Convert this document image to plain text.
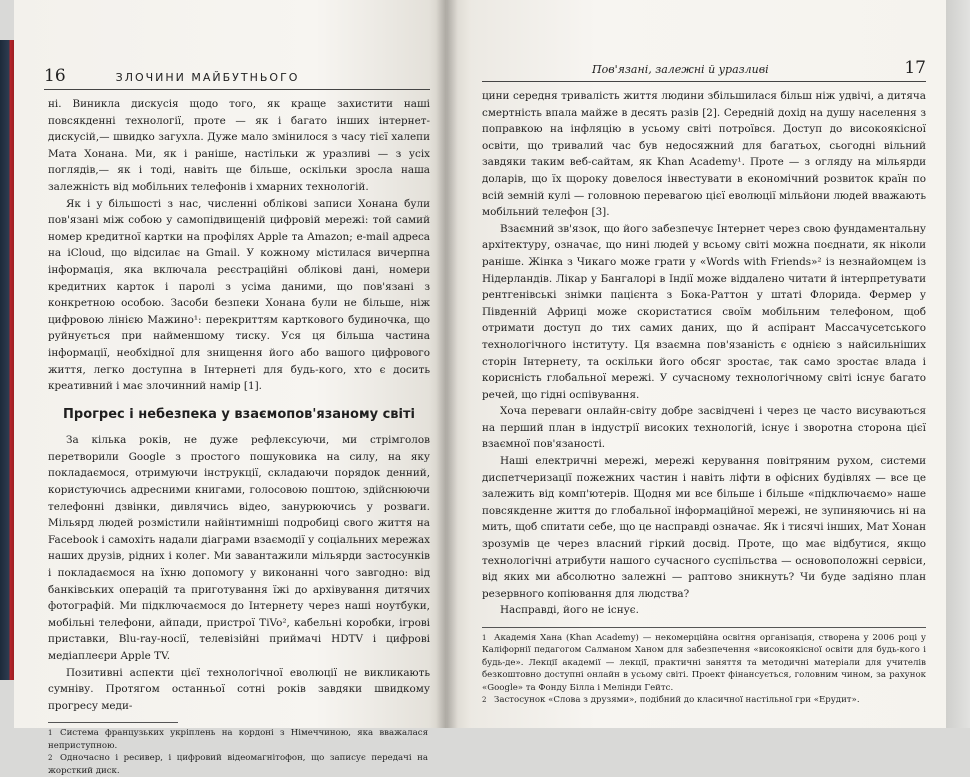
16	ЗЛОЧИНИ МАЙБУТНЬОГО

ні. Виникла дискусія щодо того, як краще захистити наші повсякденні технології, проте — як і багато інших інтернет-дискусій,— швидко загухла. Дуже мало змінилося з часу тієї халепи Мата Хонана. Ми, як і раніше, настільки ж уразливі — з усіх поглядів,— як і тоді, навіть ще більше, оскільки зросла наша залежність від мобільних телефонів і хмарних технологій.

Як і у більшості з нас, численні облікові записи Хонана були пов'язані між собою у самопідвищеній цифровій мережі: той самий номер кредитної картки на профілях Apple та Amazon; e-mail адреса на iCloud, що відсилає на Gmail. У кожному містилася вичерпна інформація, яка включала реєстраційні облікові дані, номери кредитних карток і паролі з усіма даними, що пов'язані з конкретною особою. Засоби безпеки Хонана були не більше, ніж цифровою лінією Мажино¹: перекриттям карткового будиночка, що руйнується при найменшому тиску. Уся ця більша частина інформації, необхідної для знищення його або вашого цифрового життя, легко доступна в Інтернеті для будь-кого, хто є досить креативний і має злочинний намір [1].

Прогрес і небезпека у взаємопов'язаному світі

За кілька років, не дуже рефлексуючи, ми стрімголов перетворили Google з простого пошуковика на силу, на яку покладаємося, отримуючи інструкції, складаючи порядок денний, користуючись адресними книгами, голосовою поштою, здійснюючи телефонні дзвінки, дивлячись відео, занурюючись у розваги. Мільярд людей розмістили найінтимніші подробиці свого життя на Facebook і самохіть надали діаграми взаємодії у соціальних мережах наших друзів, рідних і колег. Ми завантажили мільярди застосунків і покладаємося на їхню допомогу у виконанні чого завгодно: від банківських операцій та приготування їжі до архівування дитячих фотографій. Ми підключаємося до Інтернету через наші ноутбуки, мобільні телефони, айпади, пристрої TiVo², кабельні коробки, ігрові приставки, Blu-ray-носії, телевізійні приймачі HDTV і цифрові медіаплеєри Apple TV.

Позитивні аспекти цієї технологічної еволюції не викликають сумніву. Протягом останньої сотні років завдяки швидкому прогресу меди-

1 Система французьких укріплень на кордоні з Німеччиною, яка вважалася неприступною.

2 Одночасно і ресивер, і цифровий відеомагнітофон, що записує передачі на жорсткий диск.

Пов'язані, залежні й уразливі	17

цини середня тривалість життя людини збільшилася більш ніж удвічі, а дитяча смертність впала майже в десять разів [2]. Середній дохід на душу населення з поправкою на інфляцію в усьому світі потроївся. Доступ до високоякісної освіти, що тривалий час був недосяжний для багатьох, сьогодні вільний завдяки таким веб-сайтам, як Khan Academy¹. Проте — з огляду на мільярди доларів, що їх щороку довелося інвестувати в економічний розвиток країн по всій земній кулі — головною перевагою цієї еволюції мільйони людей вважають мобільний телефон [3].

Взаємний зв'язок, що його забезпечує Інтернет через свою фундаментальну архітектуру, означає, що нині людей у всьому світі можна поєднати, як ніколи раніше. Жінка з Чикаго може грати у «Words with Friends»² із незнайомцем із Нідерландів. Лікар у Бангалорі в Індії може віддалено читати й інтерпретувати рентгенівські знімки пацієнта з Бока-Раттон у штаті Флорида. Фермер у Південній Африці може скористатися своїм мобільним телефоном, щоб отримати доступ до тих самих даних, що й аспірант Массачусетського технологічного інституту. Ця взаємна пов'язаність є однією з найсильніших сторін Інтернету, та оскільки його обсяг зростає, так само зростає влада і корисність глобальної мережі. У сучасному технологічному світі існує багато речей, що гідні оспівування.

Хоча переваги онлайн-світу добре засвідчені і через це часто висуваються на перший план в індустрії високих технологій, існує і зворотна сторона цієї взаємної пов'язаності.

Наші електричні мережі, мережі керування повітряним рухом, системи диспетчеризації пожежних частин і навіть ліфти в офісних будівлях — все це залежить від комп'ютерів. Щодня ми все більше і більше «підключаємо» наше повсякденне життя до глобальної інформаційної мережі, не зупиняючись ні на мить, щоб спитати себе, що це насправді означає. Як і тисячі інших, Мат Хонан зрозумів це через власний гіркий досвід. Проте, що має відбутися, якщо технологічні атрибути нашого сучасного суспільства — основоположні сервіси, від яких ми абсолютно залежні — раптово зникнуть? Чи буде задіяно план резервного копіювання для людства?

Насправді, його не існує.

1 Академія Хана (Khan Academy) — некомерційна освітня організація, створена у 2006 році у Каліфорнії педагогом Салманом Ханом для забезпечення «високоякісної освіти для будь-кого і будь-де». Лекції академії — лекції, практичні заняття та методичні матеріали для учителів безкоштовно доступні онлайн в усьому світі. Проект фінансується, головним чином, за рахунок «Google» та Фонду Білла і Мелінди Гейтс.

2 Застосунок «Слова з друзями», подібний до класичної настільної гри «Ерудит».
